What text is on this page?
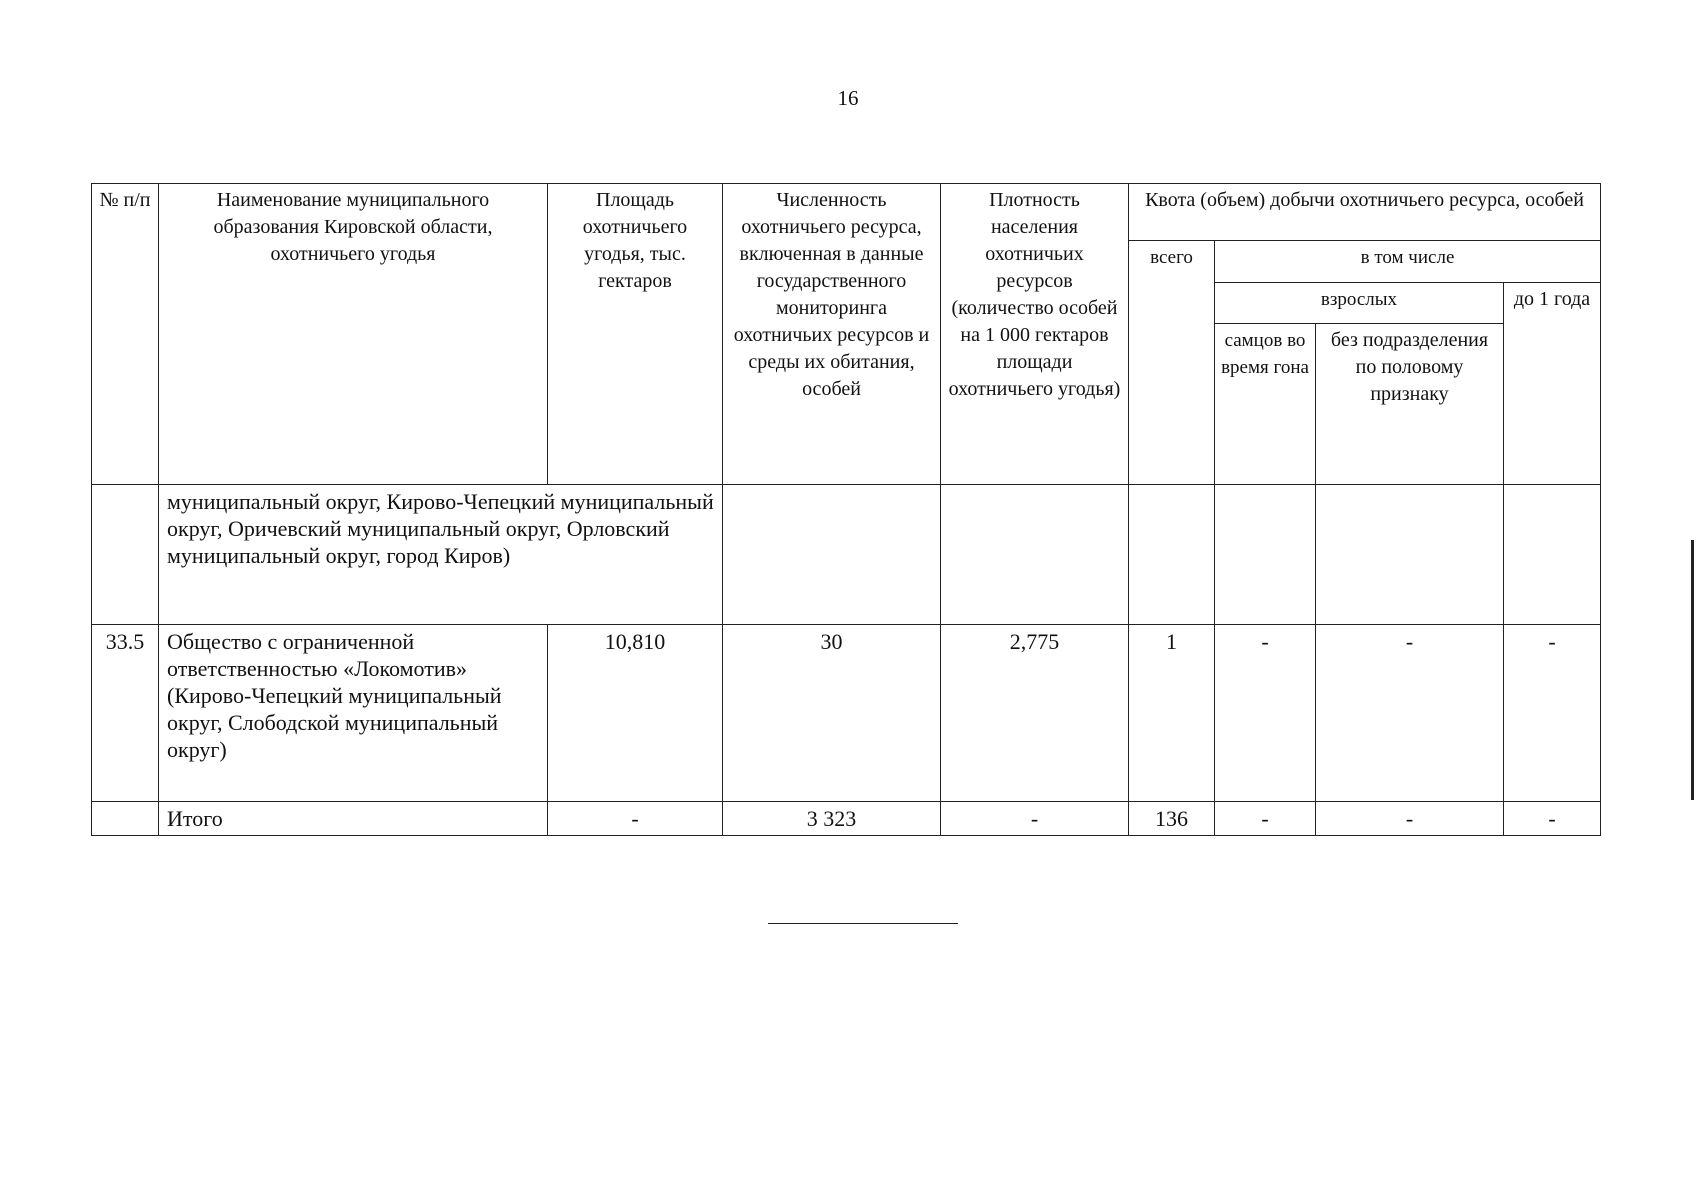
16
№ п/п	Наименование муниципального образования Кировской области, охотничьего угодья	Площадь охотничьего угодья, тыс. гектаров	Численность охотничьего ресурса, включенная в данные государственного мониторинга охотничьих ресурсов и среды их обитания, особей	Плотность населения охотничьих ресурсов (количество особей на 1 000 гектаров площади охотничьего угодья)	Квота (объем) добычи охотничьего ресурса, особей			
					всего	в том числе		
						взрослых		до 1 года
						самцов во время гона	без подразделения по половому признаку	
	муниципальный округ, Кирово-Чепецкий муниципальный округ, Оричевский муниципальный округ, Орловский муниципальный округ, город Киров)							
33.5	Общество с ограниченной ответственностью «Локомотив» (Кирово-Чепецкий муниципальный округ, Слободской муниципальный округ)	10,810	30	2,775	1	-	-	-
	Итого	-	3 323	-	136	-	-	-
